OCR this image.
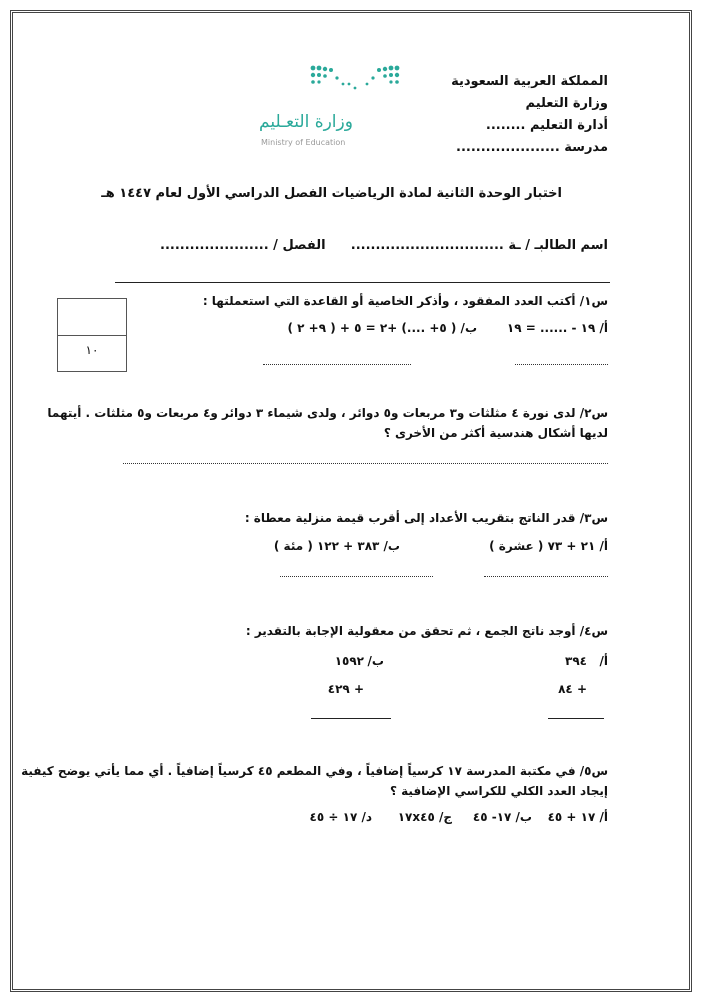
المملكة العربية السعودية
وزارة التعليم
أدارة التعليم ........
مدرسة .....................
وزارة التعـليم
Ministry of Education
اختبار الوحدة الثانية لمادة الرياضيات الفصل الدراسي الأول لعام ١٤٤٧ هـ
اسم الطالبـ / ـة ...............................
الفصل / ......................
١٠
س١/ أكتب العدد المفقود ، وأذكر الخاصية أو القاعدة التي استعملتها :
أ/ ١٩ - ...... = ١٩
ب/ ( ٥+ ....) +٢ = ٥ + ( ٩+ ٢ )
س٢/ لدى نورة ٤ مثلثات و٣ مربعات و٥ دوائر ، ولدى شيماء ٣ دوائر و٤ مربعات و٥ مثلثات . أيتهما
لديها أشكال هندسية أكثر من الأخرى ؟
س٣/ قدر الناتج بتقريب الأعداد إلى أقرب قيمة منزلية معطاة :
أ/ ٢١ + ٧٣ ( عشرة )
ب/ ٣٨٣ + ١٢٢ ( مئة )
س٤/ أوجد ناتج الجمع ، ثم تحقق من معقولية الإجابة بالتقدير :
أ/
٣٩٤
+ ٨٤
ب/
١٥٩٢
+ ٤٢٩
س٥/ في مكتبة المدرسة ١٧ كرسياً إضافياً ، وفي المطعم ٤٥ كرسياً إضافياً . أي مما يأتي يوضح كيفية
إيجاد العدد الكلي للكراسي الإضافية ؟
أ/ ١٧ + ٤٥
ب/ ١٧- ٤٥
ج/ ١٧x٤٥
د/ ١٧ ÷ ٤٥
